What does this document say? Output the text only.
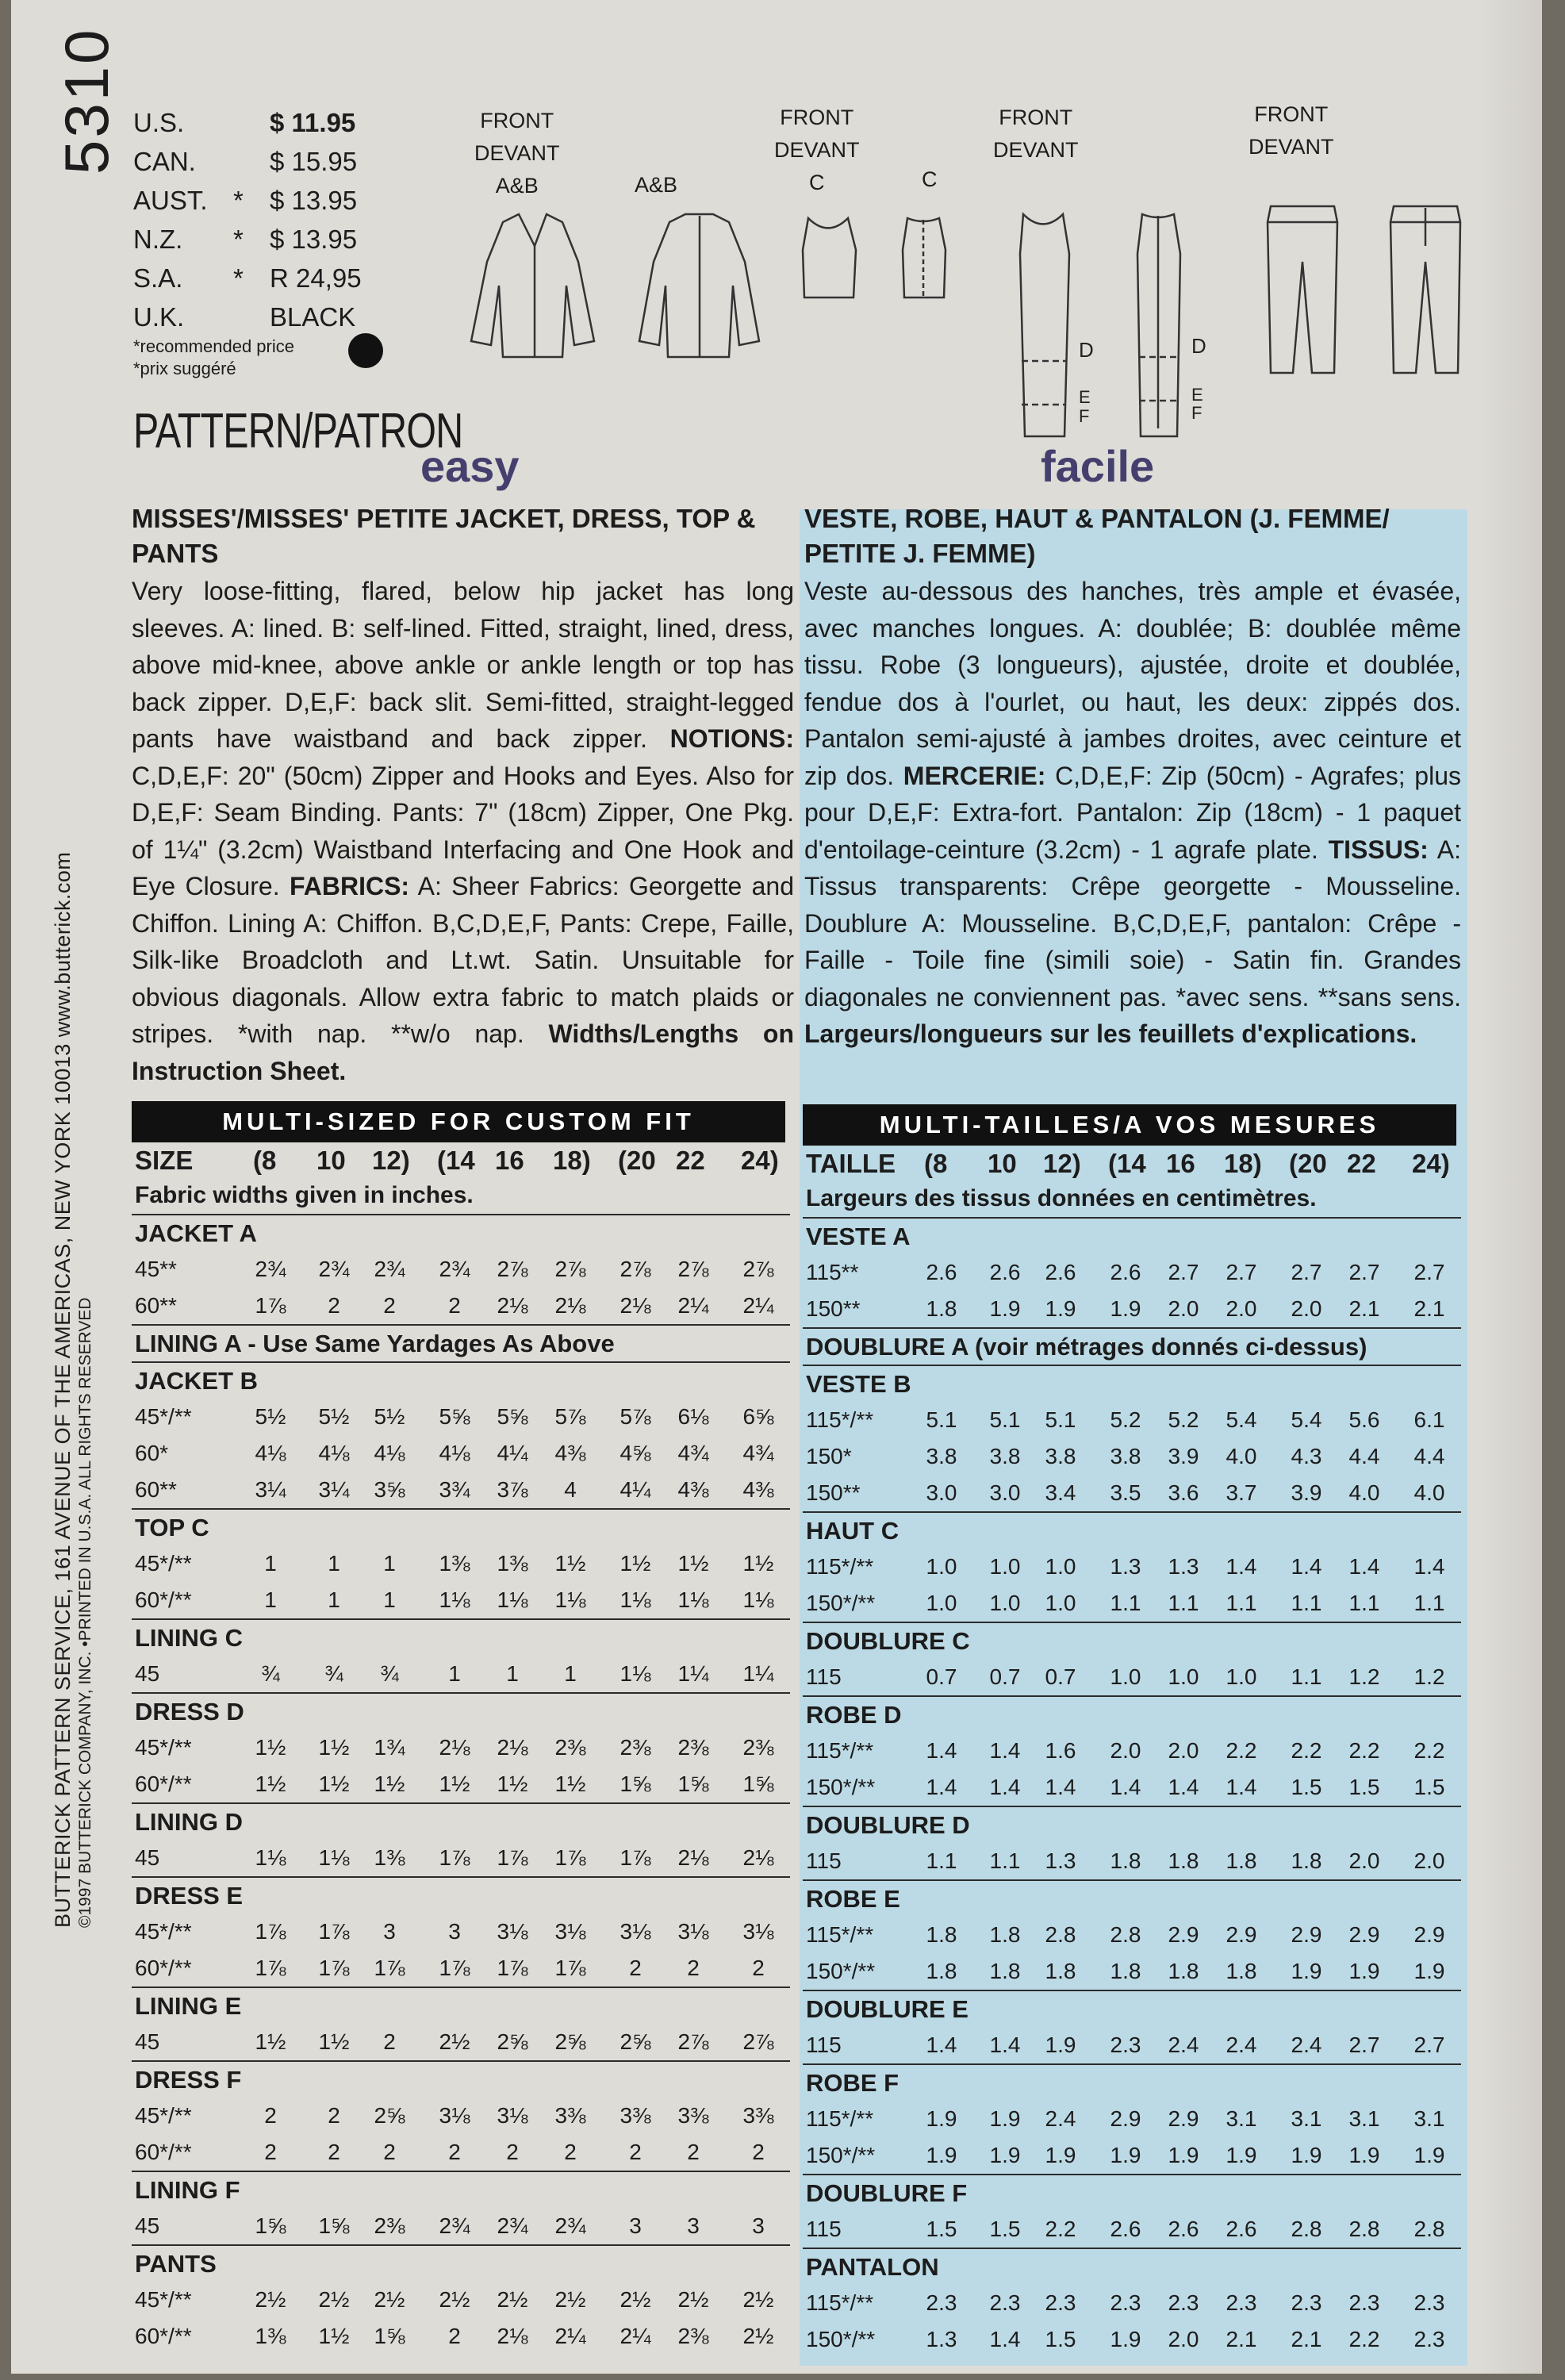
5310
BUTTERICK PATTERN SERVICE, 161 AVENUE OF THE AMERICAS, NEW YORK 10013 www.butterick.com ©1997 BUTTERICK COMPANY, INC. •PRINTED IN U.S.A. ALL RIGHTS RESERVED
U.S.		$ 11.95
CAN.		$ 15.95
AUST.	*	$ 13.95
N.Z.	*	$ 13.95
S.A.	*	R 24,95
U.K.		BLACK
*recommended price
*prix suggéré
PATTERN/PATRON
easy	facile
FRONT
DEVANT
A&B	A&B
FRONT
DEVANT
C	C
FRONT
DEVANT
FRONT
DEVANT
D
E
F
D
E
F
MISSES'/MISSES' PETITE JACKET, DRESS, TOP & PANTS

Very loose-fitting, flared, below hip jacket has long sleeves. A: lined. B: self-lined. Fitted, straight, lined, dress, above mid-knee, above ankle or ankle length or top has back zipper. D,E,F: back slit. Semi-fitted, straight-legged pants have waistband and back zipper. NOTIONS: C,D,E,F: 20" (50cm) Zipper and Hooks and Eyes. Also for D,E,F: Seam Binding. Pants: 7" (18cm) Zipper, One Pkg. of 1¼" (3.2cm) Waistband Interfacing and One Hook and Eye Closure. FABRICS: A: Sheer Fabrics: Georgette and Chiffon. Lining A: Chiffon. B,C,D,E,F, Pants: Crepe, Faille, Silk-like Broadcloth and Lt.wt. Satin. Unsuitable for obvious diagonals. Allow extra fabric to match plaids or stripes. *with nap. **w/o nap. Widths/Lengths on Instruction Sheet.

VESTE, ROBE, HAUT & PANTALON (J. FEMME/ PETITE J. FEMME)

Veste au-dessous des hanches, très ample et évasée, avec manches longues. A: doublée; B: doublée même tissu. Robe (3 longueurs), ajustée, droite et doublée, fendue dos à l'ourlet, ou haut, les deux: zippés dos. Pantalon semi-ajusté à jambes droites, avec ceinture et zip dos. MERCERIE: C,D,E,F: Zip (50cm) - Agrafes; plus pour D,E,F: Extra-fort. Pantalon: Zip (18cm) - 1 paquet d'entoilage-ceinture (3.2cm) - 1 agrafe plate. TISSUS: A: Tissus transparents: Crêpe georgette - Mousseline. Doublure A: Mousseline. B,C,D,E,F, pantalon: Crêpe - Faille - Toile fine (simili soie) - Satin fin. Grandes diagonales ne conviennent pas. *avec sens. **sans sens. Largeurs/longueurs sur les feuillets d'explications.

MULTI-SIZED FOR CUSTOM FIT	MULTI-TAILLES/A VOS MESURES
SIZE (8 10 12) (14 16 18) (20 22 24) TAILLE (8 10 12) (14 16 18) (20 22 24)
Fabric widths given in inches.	Largeurs des tissus données en centimètres.
JACKET A
45**	2¾ 2¾ 2¾ 2¾ 2⅞ 2⅞ 2⅞ 2⅞ 2⅞
60**	1⅞ 2 2 2 2⅛ 2⅛ 2⅛ 2¼ 2¼
LINING A - Use Same Yardages As Above
JACKET B
45*/**	5½ 5½ 5½ 5⅝ 5⅝ 5⅞ 5⅞ 6⅛ 6⅝
60*	4⅛ 4⅛ 4⅛ 4⅛ 4¼ 4⅜ 4⅝ 4¾ 4¾
60**	3¼ 3¼ 3⅝ 3¾ 3⅞ 4 4¼ 4⅜ 4⅜
TOP C
45*/**	1 1 1 1⅜ 1⅜ 1½ 1½ 1½ 1½
60*/**	1 1 1 1⅛ 1⅛ 1⅛ 1⅛ 1⅛ 1⅛
LINING C
45	¾ ¾ ¾ 1 1 1 1⅛ 1¼ 1¼
DRESS D
45*/**	1½ 1½ 1¾ 2⅛ 2⅛ 2⅜ 2⅜ 2⅜ 2⅜
60*/**	1½ 1½ 1½ 1½ 1½ 1½ 1⅝ 1⅝ 1⅝
LINING D
45	1⅛ 1⅛ 1⅜ 1⅞ 1⅞ 1⅞ 1⅞ 2⅛ 2⅛
DRESS E
45*/**	1⅞ 1⅞ 3 3 3⅛ 3⅛ 3⅛ 3⅛ 3⅛
60*/**	1⅞ 1⅞ 1⅞ 1⅞ 1⅞ 1⅞ 2 2 2
LINING E
45	1½ 1½ 2 2½ 2⅝ 2⅝ 2⅝ 2⅞ 2⅞
DRESS F
45*/**	2 2 2⅝ 3⅛ 3⅛ 3⅜ 3⅜ 3⅜ 3⅜
60*/**	2 2 2 2 2 2 2 2 2
LINING F
45	1⅝ 1⅝ 2⅜ 2¾ 2¾ 2¾ 3 3 3
PANTS
45*/**	2½ 2½ 2½ 2½ 2½ 2½ 2½ 2½ 2½
60*/**	1⅜ 1½ 1⅝ 2 2⅛ 2¼ 2¼ 2⅜ 2½
VESTE A
115**	2.6 2.6 2.6 2.6 2.7 2.7 2.7 2.7 2.7
150**	1.8 1.9 1.9 1.9 2.0 2.0 2.0 2.1 2.1
DOUBLURE A (voir métrages donnés ci-dessus)
VESTE B
115*/** 5.1 5.1 5.1 5.2 5.2 5.4 5.4 5.6 6.1
150*	3.8 3.8 3.8 3.8 3.9 4.0 4.3 4.4 4.4
150**	3.0 3.0 3.4 3.5 3.6 3.7 3.9 4.0 4.0
HAUT C
115*/** 1.0 1.0 1.0 1.3 1.3 1.4 1.4 1.4 1.4
150*/** 1.0 1.0 1.0 1.1 1.1 1.1 1.1 1.1 1.1
DOUBLURE C
115	0.7 0.7 0.7 1.0 1.0 1.0 1.1 1.2 1.2
ROBE D
115*/** 1.4 1.4 1.6 2.0 2.0 2.2 2.2 2.2 2.2
150*/** 1.4 1.4 1.4 1.4 1.4 1.4 1.5 1.5 1.5
DOUBLURE D
115	1.1 1.1 1.3 1.8 1.8 1.8 1.8 2.0 2.0
ROBE E
115*/** 1.8 1.8 2.8 2.8 2.9 2.9 2.9 2.9 2.9
150*/** 1.8 1.8 1.8 1.8 1.8 1.8 1.9 1.9 1.9
DOUBLURE E
115	1.4 1.4 1.9 2.3 2.4 2.4 2.4 2.7 2.7
ROBE F
115*/** 1.9 1.9 2.4 2.9 2.9 3.1 3.1 3.1 3.1
150*/** 1.9 1.9 1.9 1.9 1.9 1.9 1.9 1.9 1.9
DOUBLURE F
115	1.5 1.5 2.2 2.6 2.6 2.6 2.8 2.8 2.8
PANTALON
115*/** 2.3 2.3 2.3 2.3 2.3 2.3 2.3 2.3 2.3
150*/** 1.3 1.4 1.5 1.9 2.0 2.1 2.1 2.2 2.3
